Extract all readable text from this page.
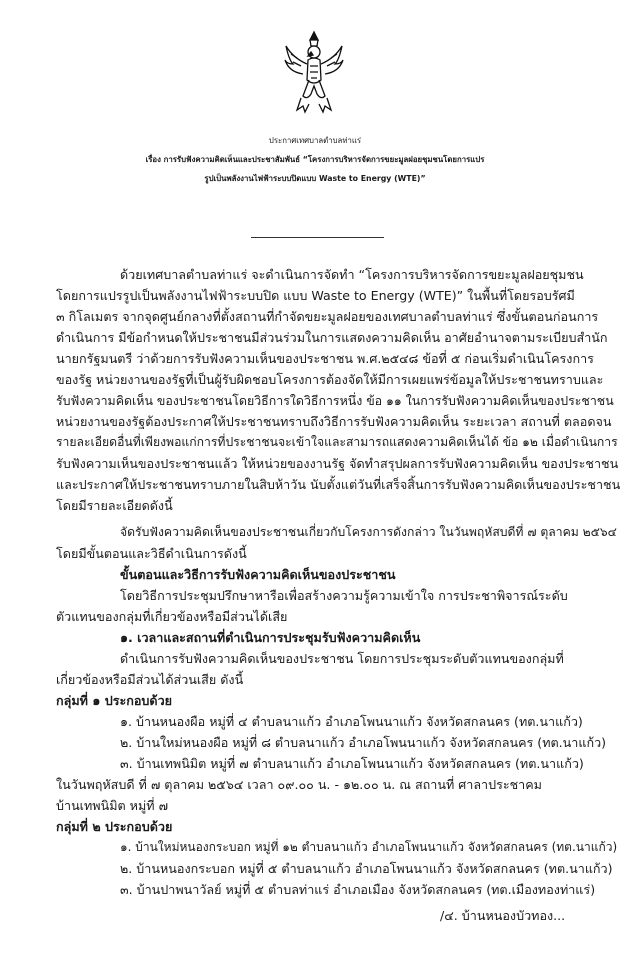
ประกาศเทศบาลตำบลท่าแร่
เรื่อง การรับฟังความคิดเห็นและประชาสัมพันธ์ “โครงการบริหารจัดการขยะมูลฝอยชุมชนโดยการแปร
รูปเป็นพลังงานไฟฟ้าระบบปิดแบบ Waste to Energy (WTE)”
ด้วยเทศบาลตำบลท่าแร่ จะดำเนินการจัดทำ “โครงการบริหารจัดการขยะมูลฝอยชุมชน
โดยการแปรรูปเป็นพลังงานไฟฟ้าระบบปิด แบบ Waste to Energy (WTE)” ในพื้นที่โดยรอบรัศมี
๓ กิโลเมตร จากจุดศูนย์กลางที่ตั้งสถานที่กำจัดขยะมูลฝอยของเทศบาลตำบลท่าแร่ ซึ่งขั้นตอนก่อนการ
ดำเนินการ มีข้อกำหนดให้ประชาชนมีส่วนร่วมในการแสดงความคิดเห็น อาศัยอำนาจตามระเบียบสำนัก
นายกรัฐมนตรี ว่าด้วยการรับฟังความเห็นของประชาชน พ.ศ.๒๕๔๘ ข้อที่ ๕ ก่อนเริ่มดำเนินโครงการ
ของรัฐ หน่วยงานของรัฐที่เป็นผู้รับผิดชอบโครงการต้องจัดให้มีการเผยแพร่ข้อมูลให้ประชาชนทราบและ
รับฟังความคิดเห็น ของประชาชนโดยวิธีการใดวิธีการหนึ่ง ข้อ ๑๑ ในการรับฟังความคิดเห็นของประชาชน
หน่วยงานของรัฐต้องประกาศให้ประชาชนทราบถึงวิธีการรับฟังความคิดเห็น ระยะเวลา สถานที่ ตลอดจน
รายละเอียดอื่นที่เพียงพอแก่การที่ประชาชนจะเข้าใจและสามารถแสดงความคิดเห็นได้ ข้อ ๑๒ เมื่อดำเนินการ
รับฟังความเห็นของประชาชนแล้ว ให้หน่วยของงานรัฐ จัดทำสรุปผลการรับฟังความคิดเห็น ของประชาชน
และประกาศให้ประชาชนทราบภายในสิบห้าวัน นับตั้งแต่วันที่เสร็จสิ้นการรับฟังความคิดเห็นของประชาชน
โดยมีรายละเอียดดังนี้
จัดรับฟังความคิดเห็นของประชาชนเกี่ยวกับโครงการดังกล่าว ในวันพฤหัสบดีที่ ๗ ตุลาคม ๒๕๖๔
โดยมีขั้นตอนและวิธีดำเนินการดังนี้
ขั้นตอนและวิธีการรับฟังความคิดเห็นของประชาชน
โดยวิธีการประชุมปรึกษาหารือเพื่อสร้างความรู้ความเข้าใจ การประชาพิจารณ์ระดับ
ตัวแทนของกลุ่มที่เกี่ยวข้องหรือมีส่วนได้เสีย
๑. เวลาและสถานที่ดำเนินการประชุมรับฟังความคิดเห็น
ดำเนินการรับฟังความคิดเห็นของประชาชน โดยการประชุมระดับตัวแทนของกลุ่มที่
เกี่ยวข้องหรือมีส่วนได้ส่วนเสีย ดังนี้
กลุ่มที่ ๑ ประกอบด้วย
๑. บ้านหนองผือ หมู่ที่ ๔ ตำบลนาแก้ว อำเภอโพนนาแก้ว จังหวัดสกลนคร (ทต.นาแก้ว)
๒. บ้านใหม่หนองผือ หมู่ที่ ๘ ตำบลนาแก้ว อำเภอโพนนาแก้ว จังหวัดสกลนคร (ทต.นาแก้ว)
๓. บ้านเทพนิมิต หมู่ที่ ๗ ตำบลนาแก้ว อำเภอโพนนาแก้ว จังหวัดสกลนคร (ทต.นาแก้ว)
ในวันพฤหัสบดี ที่ ๗ ตุลาคม ๒๕๖๔ เวลา ๐๙.๐๐ น. - ๑๒.๐๐ น. ณ สถานที่ ศาลาประชาคม
บ้านเทพนิมิต หมู่ที่ ๗
กลุ่มที่ ๒ ประกอบด้วย
๑. บ้านใหม่หนองกระบอก หมู่ที่ ๑๒ ตำบลนาแก้ว อำเภอโพนนาแก้ว จังหวัดสกลนคร (ทต.นาแก้ว)
๒. บ้านหนองกระบอก หมู่ที่ ๕ ตำบลนาแก้ว อำเภอโพนนาแก้ว จังหวัดสกลนคร (ทต.นาแก้ว)
๓. บ้านปาพนาวัลย์ หมู่ที่ ๕ ตำบลท่าแร่ อำเภอเมือง จังหวัดสกลนคร (ทต.เมืองทองท่าแร่)
/๔. บ้านหนองบัวทอง...
